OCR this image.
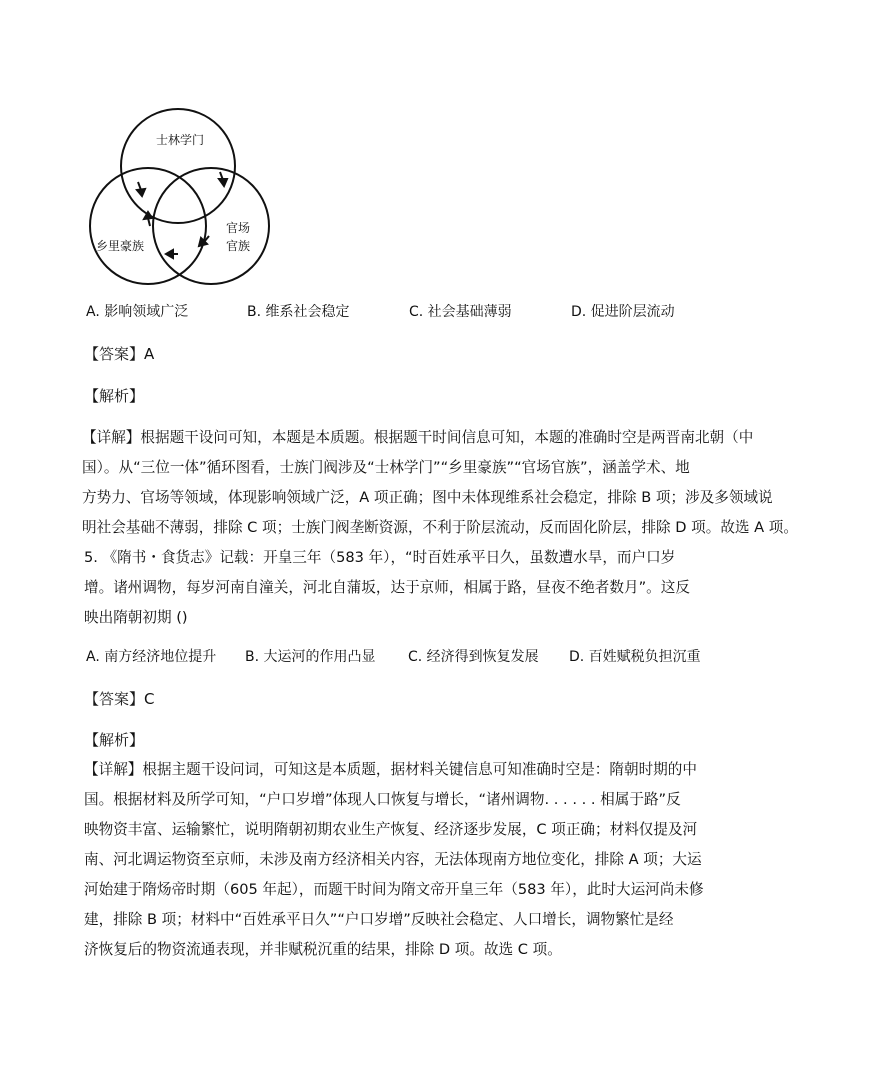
士林学门
乡里豪族
官场
官族
A. 影响领域广泛	B. 维系社会稳定	C. 社会基础薄弱	D. 促进阶层流动
【答案】A
【解析】
【详解】根据题干设问可知，本题是本质题。根据题干时间信息可知，本题的准确时空是两晋南北朝（中
国）。从“三位一体”循环图看，士族门阀涉及“士林学门”“乡里豪族”“官场官族”，涵盖学术、地
方势力、官场等领域，体现影响领域广泛，A 项正确；图中未体现维系社会稳定，排除 B 项；涉及多领域说
明社会基础不薄弱，排除 C 项；士族门阀垄断资源，不利于阶层流动，反而固化阶层，排除 D 项。故选 A 项。
5. 《隋书・食货志》记载：开皇三年（583 年），“时百姓承平日久，虽数遭水旱，而户口岁
增。诸州调物，每岁河南自潼关，河北自蒲坂，达于京师，相属于路，昼夜不绝者数月”。这反
映出隋朝初期 ()
A. 南方经济地位提升 B. 大运河的作用凸显 C. 经济得到恢复发展 D. 百姓赋税负担沉重
【答案】C
【解析】
【详解】根据主题干设问词，可知这是本质题，据材料关键信息可知准确时空是：隋朝时期的中
国。根据材料及所学可知，“户口岁增”体现人口恢复与增长，“诸州调物. . . . . . 相属于路”反
映物资丰富、运输繁忙，说明隋朝初期农业生产恢复、经济逐步发展，C 项正确；材料仅提及河
南、河北调运物资至京师，未涉及南方经济相关内容，无法体现南方地位变化，排除 A 项；大运
河始建于隋炀帝时期（605 年起），而题干时间为隋文帝开皇三年（583 年），此时大运河尚未修
建，排除 B 项；材料中“百姓承平日久”“户口岁增”反映社会稳定、人口增长，调物繁忙是经
济恢复后的物资流通表现，并非赋税沉重的结果，排除 D 项。故选 C 项。
